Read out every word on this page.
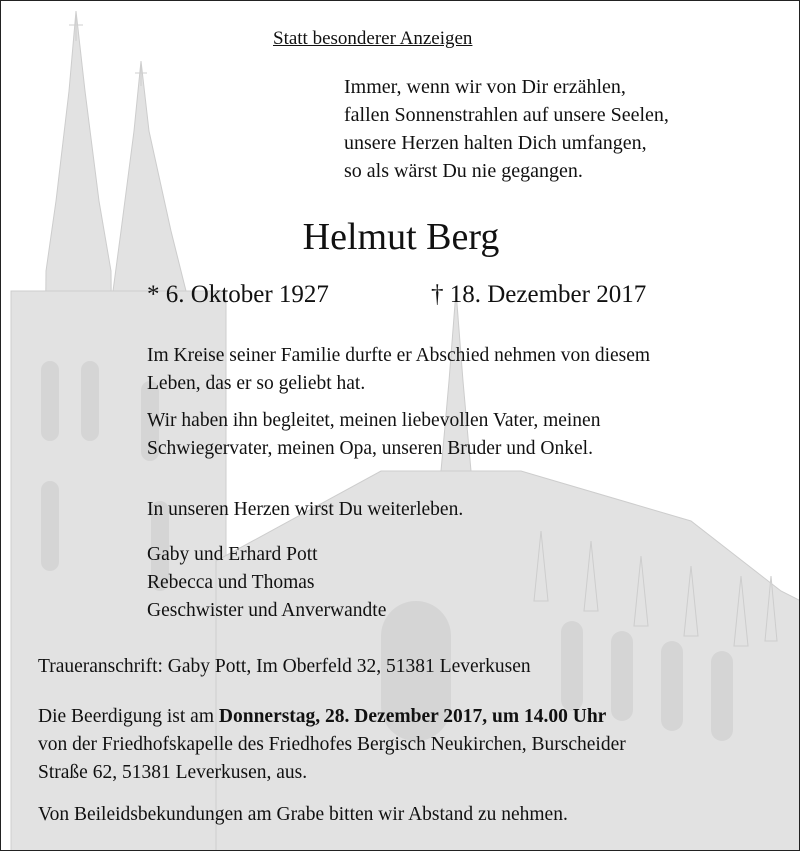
Statt besonderer Anzeigen
Immer, wenn wir von Dir erzählen,
fallen Sonnenstrahlen auf unsere Seelen,
unsere Herzen halten Dich umfangen,
so als wärst Du nie gegangen.
Helmut Berg
* 6. Oktober 1927	† 18. Dezember 2017
Im Kreise seiner Familie durfte er Abschied nehmen von diesem
Leben, das er so geliebt hat.
Wir haben ihn begleitet, meinen liebevollen Vater, meinen
Schwiegervater, meinen Opa, unseren Bruder und Onkel.
In unseren Herzen wirst Du weiterleben.
Gaby und Erhard Pott
Rebecca und Thomas
Geschwister und Anverwandte
Traueranschrift: Gaby Pott, Im Oberfeld 32, 51381 Leverkusen
Die Beerdigung ist am Donnerstag, 28. Dezember 2017, um 14.00 Uhr
von der Friedhofskapelle des Friedhofes Bergisch Neukirchen, Burscheider
Straße 62, 51381 Leverkusen, aus.
Von Beileidsbekundungen am Grabe bitten wir Abstand zu nehmen.
